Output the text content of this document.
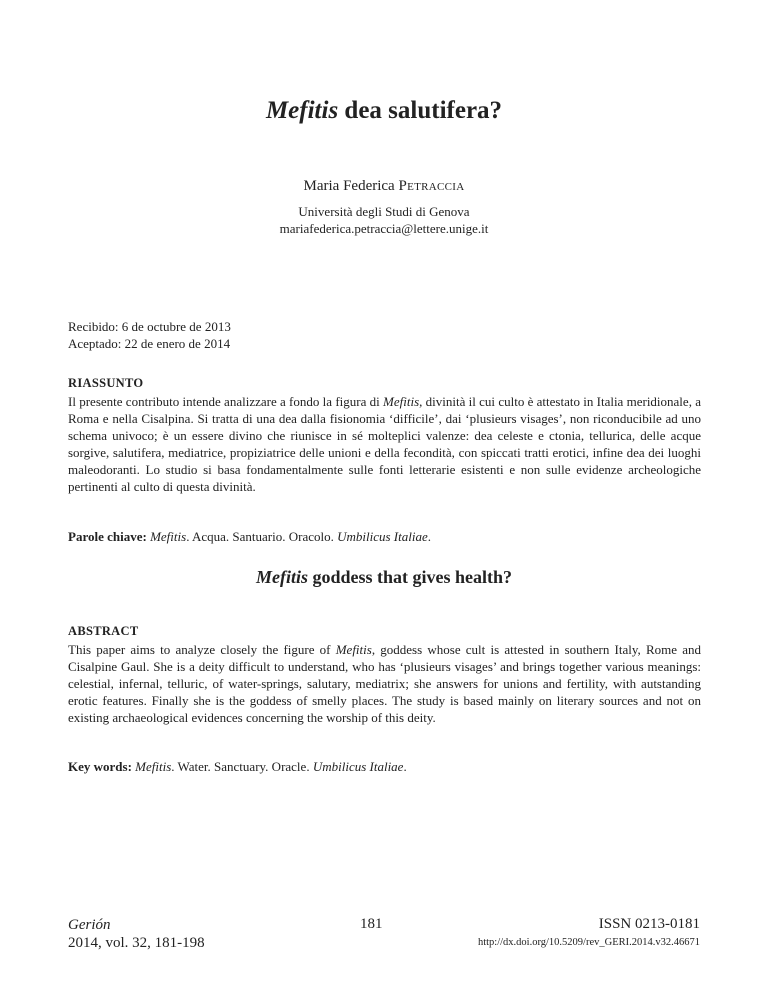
Mefitis dea salutifera?
Maria Federica Petraccia
Università degli Studi di Genova
mariafederica.petraccia@lettere.unige.it
Recibido: 6 de octubre de 2013
Aceptado: 22 de enero de 2014
RIASSUNTO
Il presente contributo intende analizzare a fondo la figura di Mefitis, divinità il cui culto è attestato in Italia meridionale, a Roma e nella Cisalpina. Si tratta di una dea dalla fisionomia ‘difficile’, dai ‘plusieurs visages’, non riconducibile ad uno schema univoco; è un essere divino che riunisce in sé molteplici valenze: dea celeste e ctonia, tellurica, delle acque sorgive, salutifera, mediatrice, propiziatrice delle unioni e della fecondità, con spiccati tratti erotici, infine dea dei luoghi maleodoranti. Lo studio si basa fondamentalmente sulle fonti letterarie esistenti e non sulle evidenze archeologiche pertinenti al culto di questa divinità.
Parole chiave: Mefitis. Acqua. Santuario. Oracolo. Umbilicus Italiae.
Mefitis goddess that gives health?
ABSTRACT
This paper aims to analyze closely the figure of Mefitis, goddess whose cult is attested in southern Italy, Rome and Cisalpine Gaul. She is a deity difficult to understand, who has ‘plusieurs visages’ and brings together various meanings: celestial, infernal, telluric, of water-springs, salutary, mediatrix; she answers for unions and fertility, with autstanding erotic features. Finally she is the goddess of smelly places. The study is based mainly on literary sources and not on existing archaeological evidences concerning the worship of this deity.
Key words: Mefitis. Water. Sanctuary. Oracle. Umbilicus Italiae.
Gerión
2014, vol. 32, 181-198
181	ISSN 0213-0181
http://dx.doi.org/10.5209/rev_GERI.2014.v32.46671
